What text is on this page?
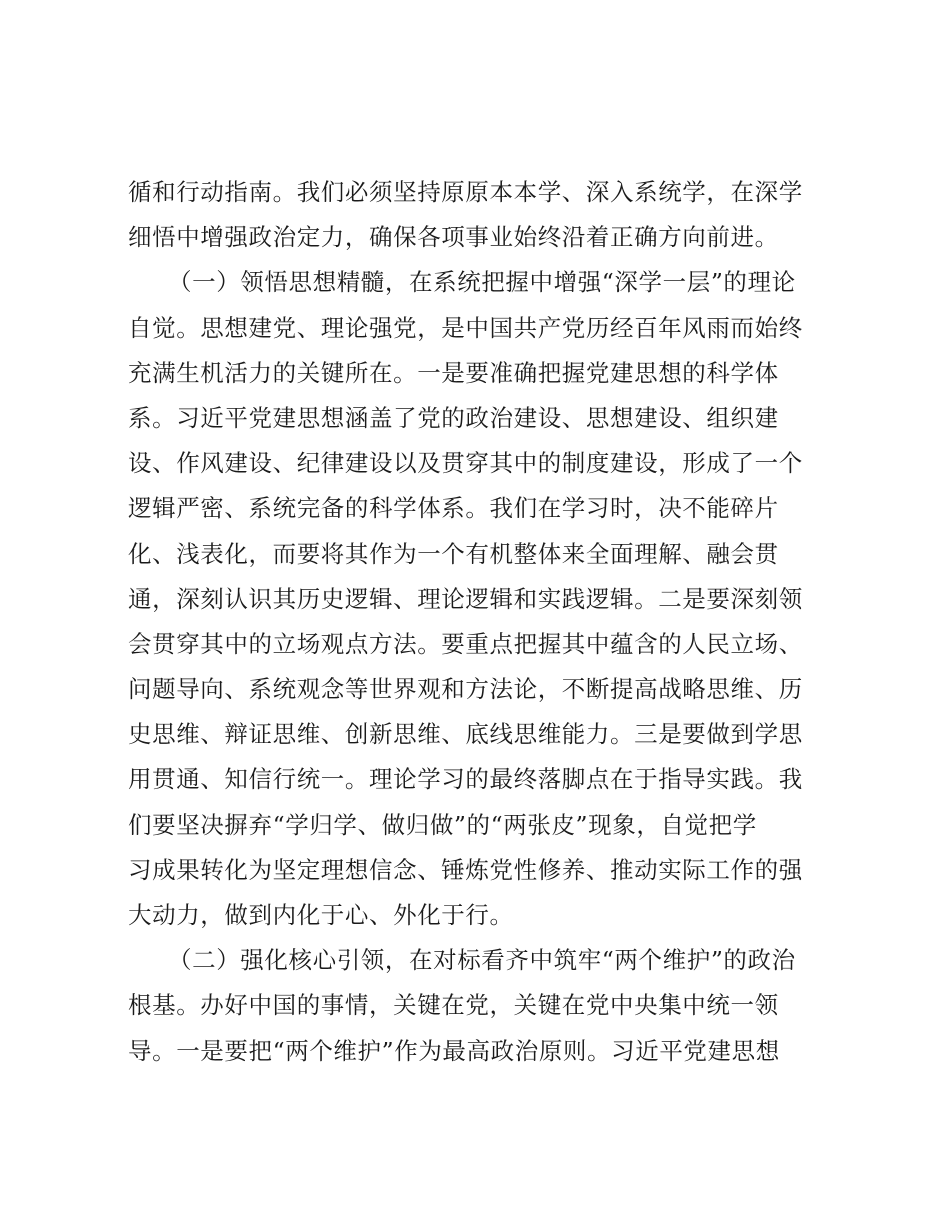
循和行动指南。我们必须坚持原原本本学、深入系统学，在深学
细悟中增强政治定力，确保各项事业始终沿着正确方向前进。
（一）领悟思想精髓，在系统把握中增强“深学一层”的理论
自觉。思想建党、理论强党，是中国共产党历经百年风雨而始终
充满生机活力的关键所在。一是要准确把握党建思想的科学体
系。习近平党建思想涵盖了党的政治建设、思想建设、组织建
设、作风建设、纪律建设以及贯穿其中的制度建设，形成了一个
逻辑严密、系统完备的科学体系。我们在学习时，决不能碎片
化、浅表化，而要将其作为一个有机整体来全面理解、融会贯
通，深刻认识其历史逻辑、理论逻辑和实践逻辑。二是要深刻领
会贯穿其中的立场观点方法。要重点把握其中蕴含的人民立场、
问题导向、系统观念等世界观和方法论，不断提高战略思维、历
史思维、辩证思维、创新思维、底线思维能力。三是要做到学思
用贯通、知信行统一。理论学习的最终落脚点在于指导实践。我
们要坚决摒弃“学归学、做归做”的“两张皮”现象，自觉把学
习成果转化为坚定理想信念、锤炼党性修养、推动实际工作的强
大动力，做到内化于心、外化于行。
（二）强化核心引领，在对标看齐中筑牢“两个维护”的政治
根基。办好中国的事情，关键在党，关键在党中央集中统一领
导。一是要把“两个维护”作为最高政治原则。习近平党建思想
